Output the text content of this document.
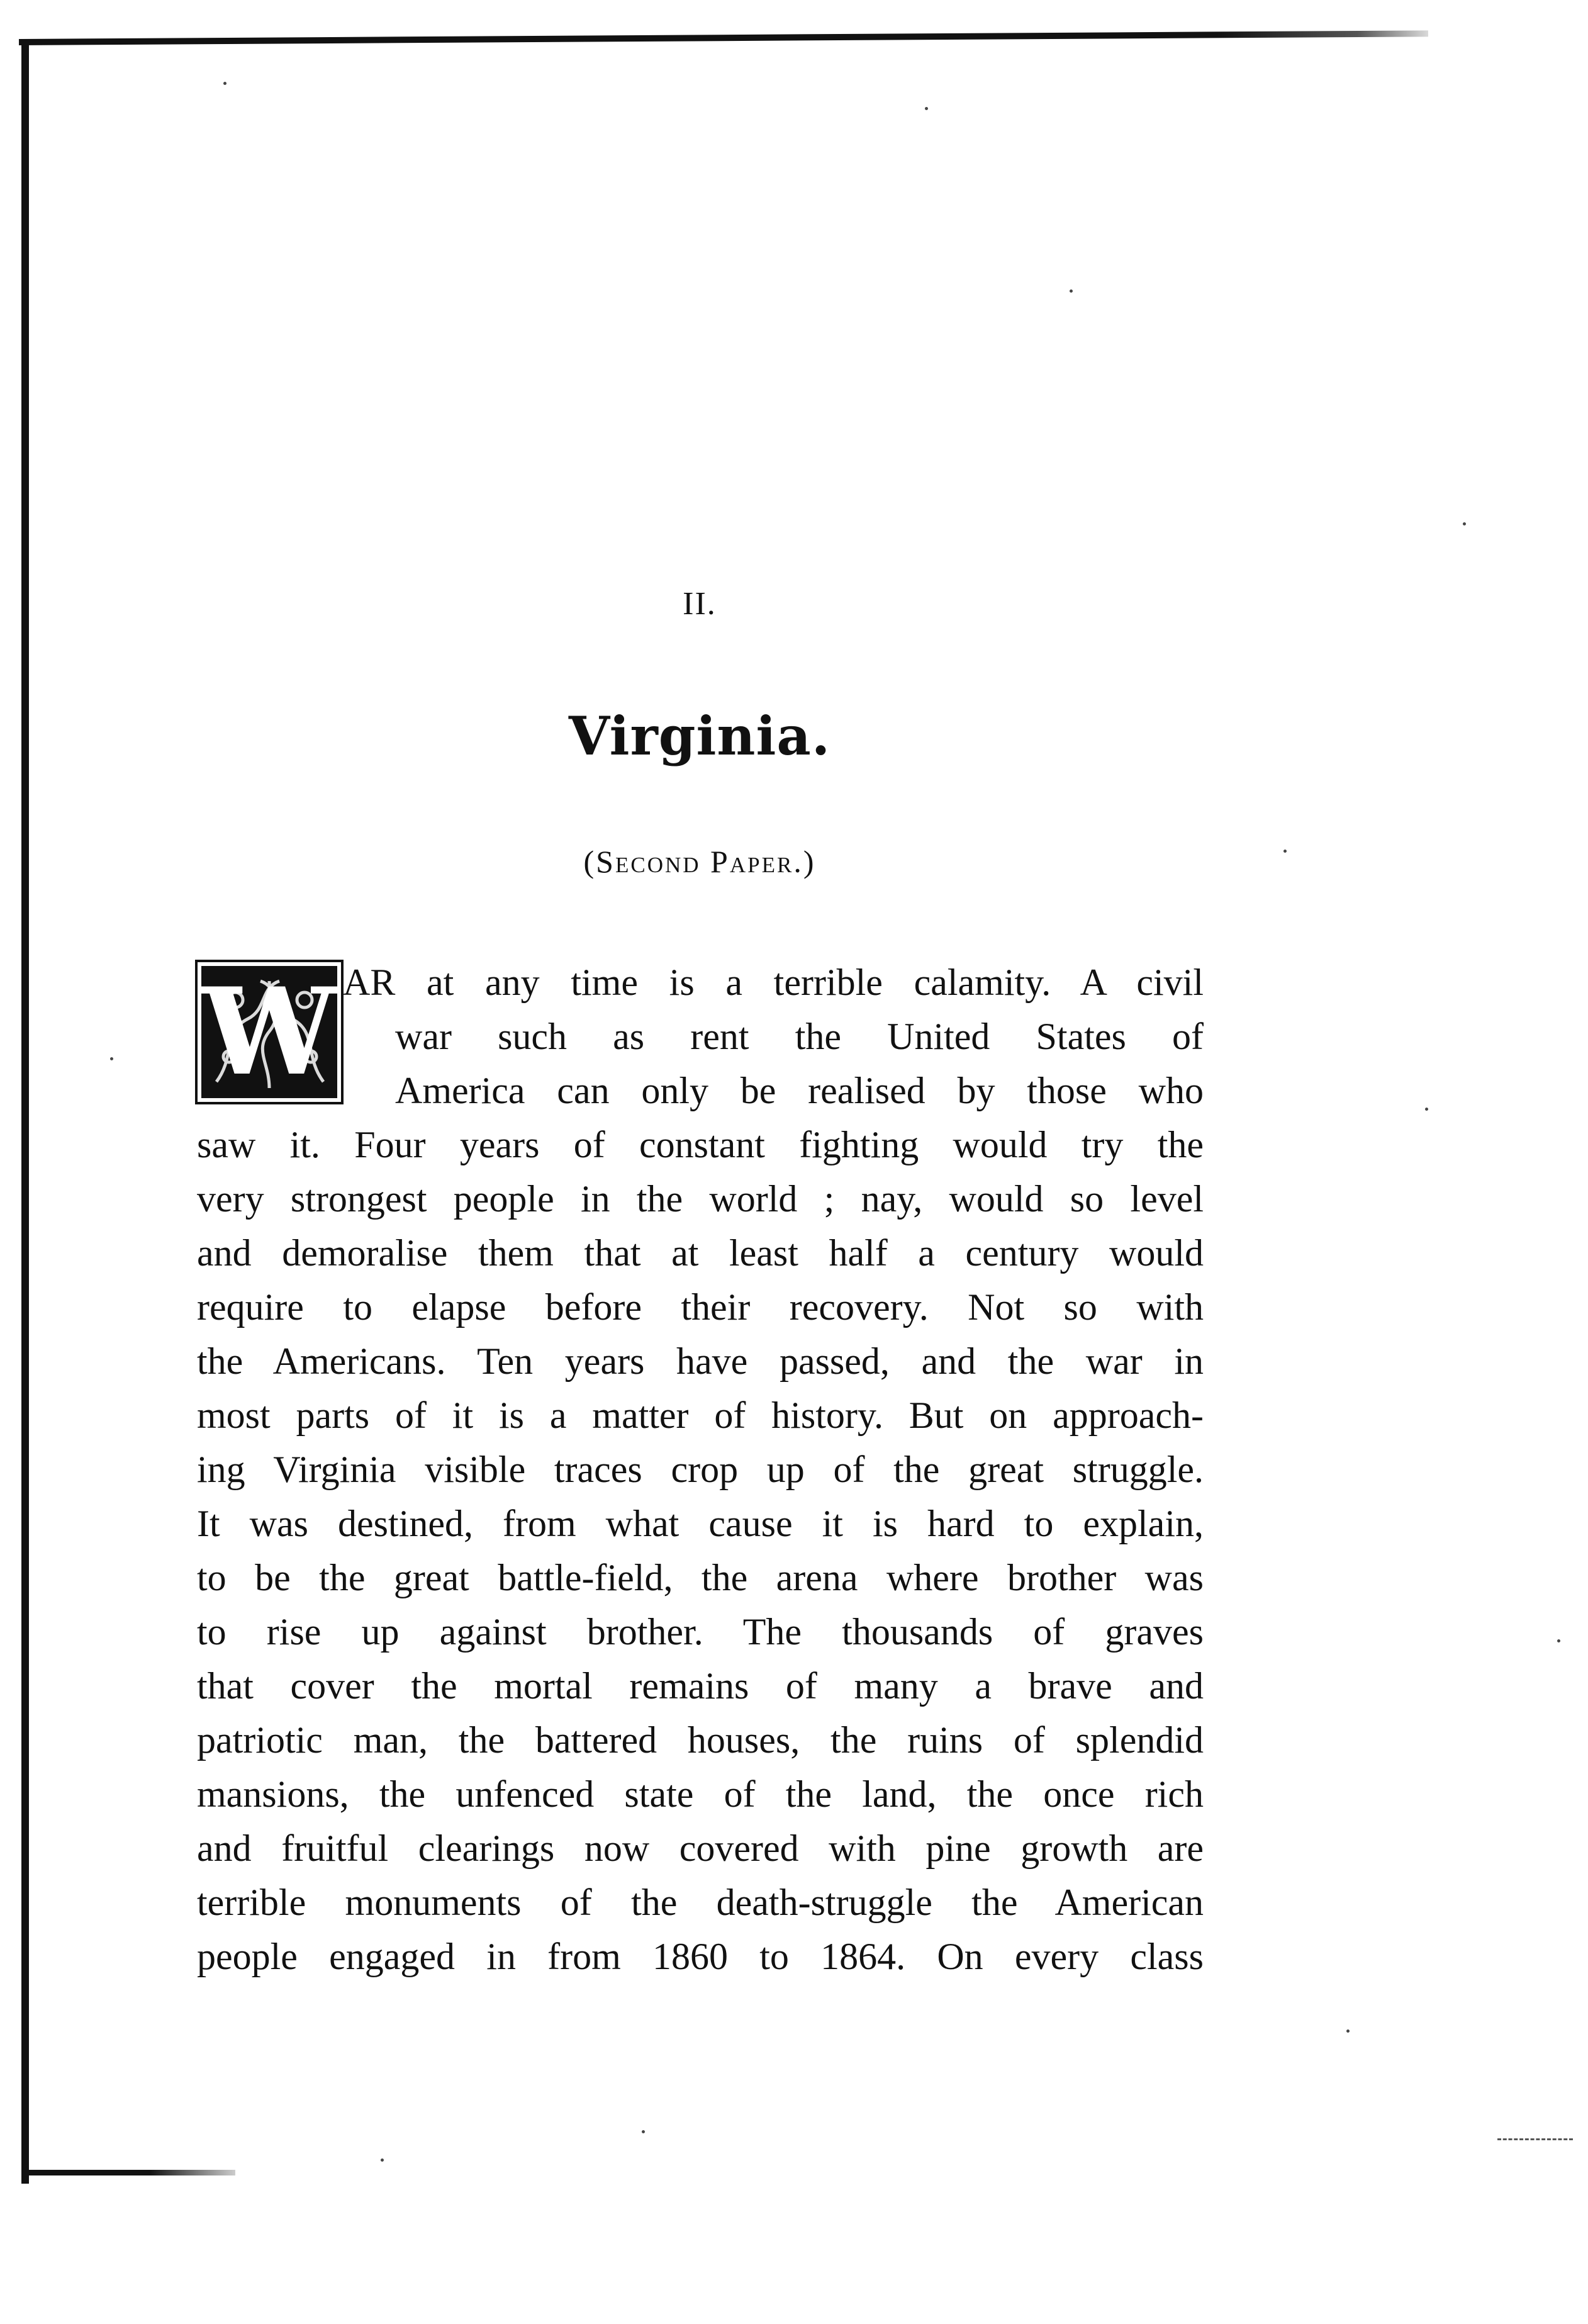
II.
Virginia.
(Second Paper.)
W AR at any time is a terrible calamity. A civil
war such as rent the United States of
America can only be realised by those who
saw it. Four years of constant fighting would try the
very strongest people in the world ; nay, would so level
and demoralise them that at least half a century would
require to elapse before their recovery. Not so with
the Americans. Ten years have passed, and the war in
most parts of it is a matter of history. But on approach-
ing Virginia visible traces crop up of the great struggle.
It was destined, from what cause it is hard to explain,
to be the great battle-field, the arena where brother was
to rise up against brother. The thousands of graves
that cover the mortal remains of many a brave and
patriotic man, the battered houses, the ruins of splendid
mansions, the unfenced state of the land, the once rich
and fruitful clearings now covered with pine growth are
terrible monuments of the death-struggle the American
people engaged in from 1860 to 1864. On every class
